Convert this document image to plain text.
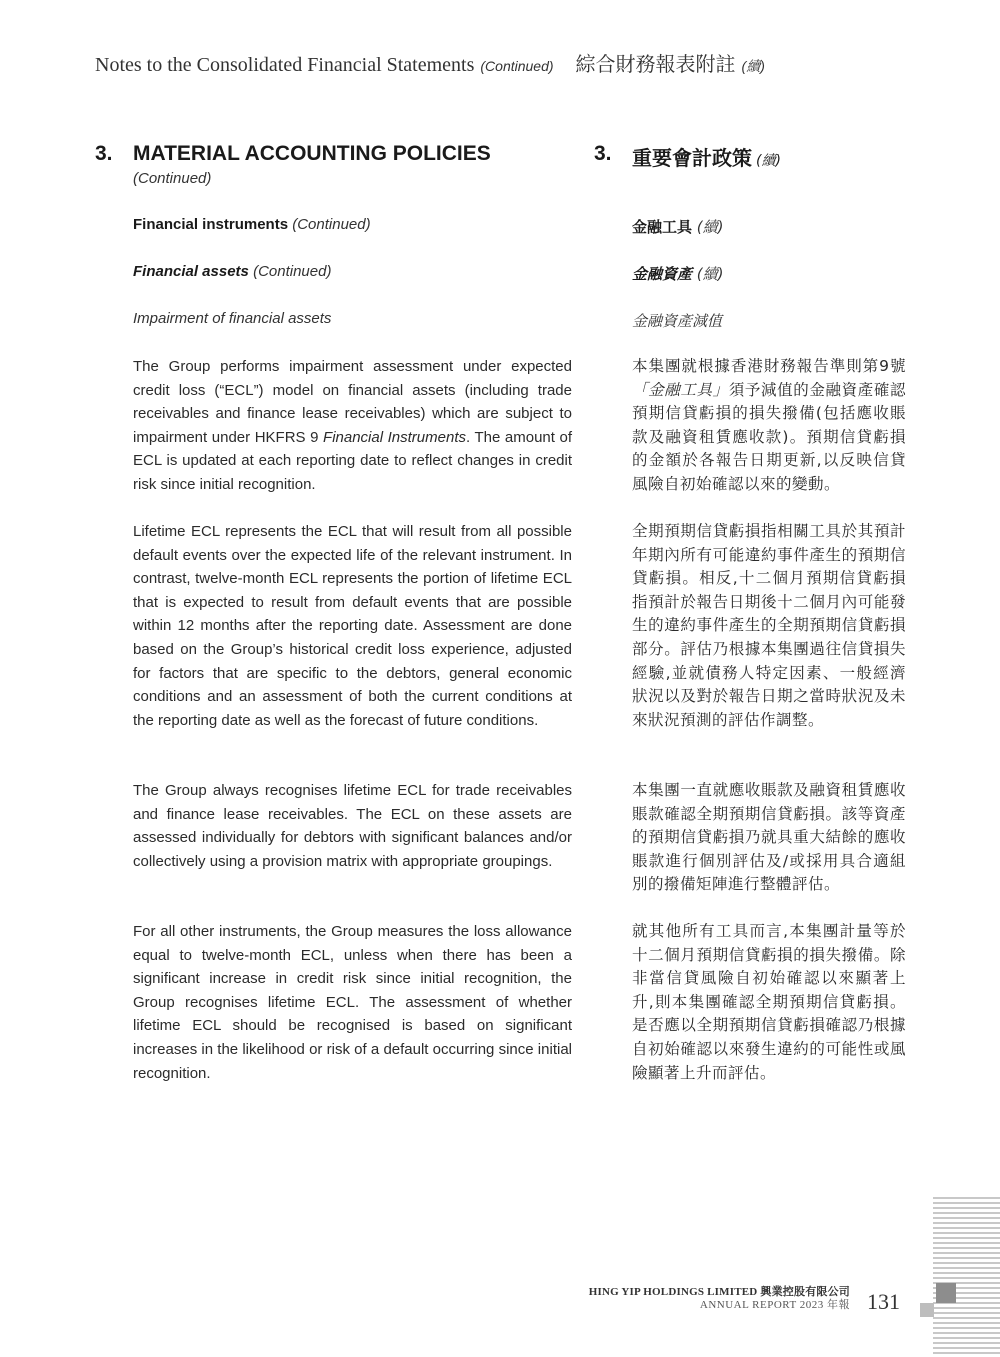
Notes to the Consolidated Financial Statements (Continued) 綜合財務報表附註 (續)
3. MATERIAL ACCOUNTING POLICIES
(Continued)
3. 重要會計政策 (續)
Financial instruments (Continued)	金融工具 (續)
Financial assets (Continued)	金融資產 (續)
Impairment of financial assets	金融資產減值

The Group performs impairment assessment under expected credit loss (“ECL”) model on financial assets (including trade receivables and finance lease receivables) which are subject to impairment under HKFRS 9 Financial Instruments. The amount of ECL is updated at each reporting date to reflect changes in credit risk since initial recognition.

Lifetime ECL represents the ECL that will result from all possible default events over the expected life of the relevant instrument. In contrast, twelve-month ECL represents the portion of lifetime ECL that is expected to result from default events that are possible within 12 months after the reporting date. Assessment are done based on the Group’s historical credit loss experience, adjusted for factors that are specific to the debtors, general economic conditions and an assessment of both the current conditions at the reporting date as well as the forecast of future conditions.

The Group always recognises lifetime ECL for trade receivables and finance lease receivables. The ECL on these assets are assessed individually for debtors with significant balances and/or collectively using a provision matrix with appropriate groupings.

For all other instruments, the Group measures the loss allowance equal to twelve-month ECL, unless when there has been a significant increase in credit risk since initial recognition, the Group recognises lifetime ECL. The assessment of whether lifetime ECL should be recognised is based on significant increases in the likelihood or risk of a default occurring since initial recognition.

本集團就根據香港財務報告準則第9號「金融工具」須予減值的金融資產確認預期信貸虧損的損失撥備(包括應收賬款及融資租賃應收款)。預期信貸虧損的金額於各報告日期更新,以反映信貸風險自初始確認以來的變動。

全期預期信貸虧損指相關工具於其預計年期內所有可能違約事件產生的預期信貸虧損。相反,十二個月預期信貸虧損指預計於報告日期後十二個月內可能發生的違約事件產生的全期預期信貸虧損部分。評估乃根據本集團過往信貸損失經驗,並就債務人特定因素、一般經濟狀況以及對於報告日期之當時狀況及未來狀況預測的評估作調整。

本集團一直就應收賬款及融資租賃應收賬款確認全期預期信貸虧損。該等資產的預期信貸虧損乃就具重大結餘的應收賬款進行個別評估及/或採用具合適組別的撥備矩陣進行整體評估。

就其他所有工具而言,本集團計量等於十二個月預期信貸虧損的損失撥備。除非當信貸風險自初始確認以來顯著上升,則本集團確認全期預期信貸虧損。是否應以全期預期信貸虧損確認乃根據自初始確認以來發生違約的可能性或風險顯著上升而評估。

HING YIP HOLDINGS LIMITED 興業控股有限公司
ANNUAL REPORT 2023 年報 131
